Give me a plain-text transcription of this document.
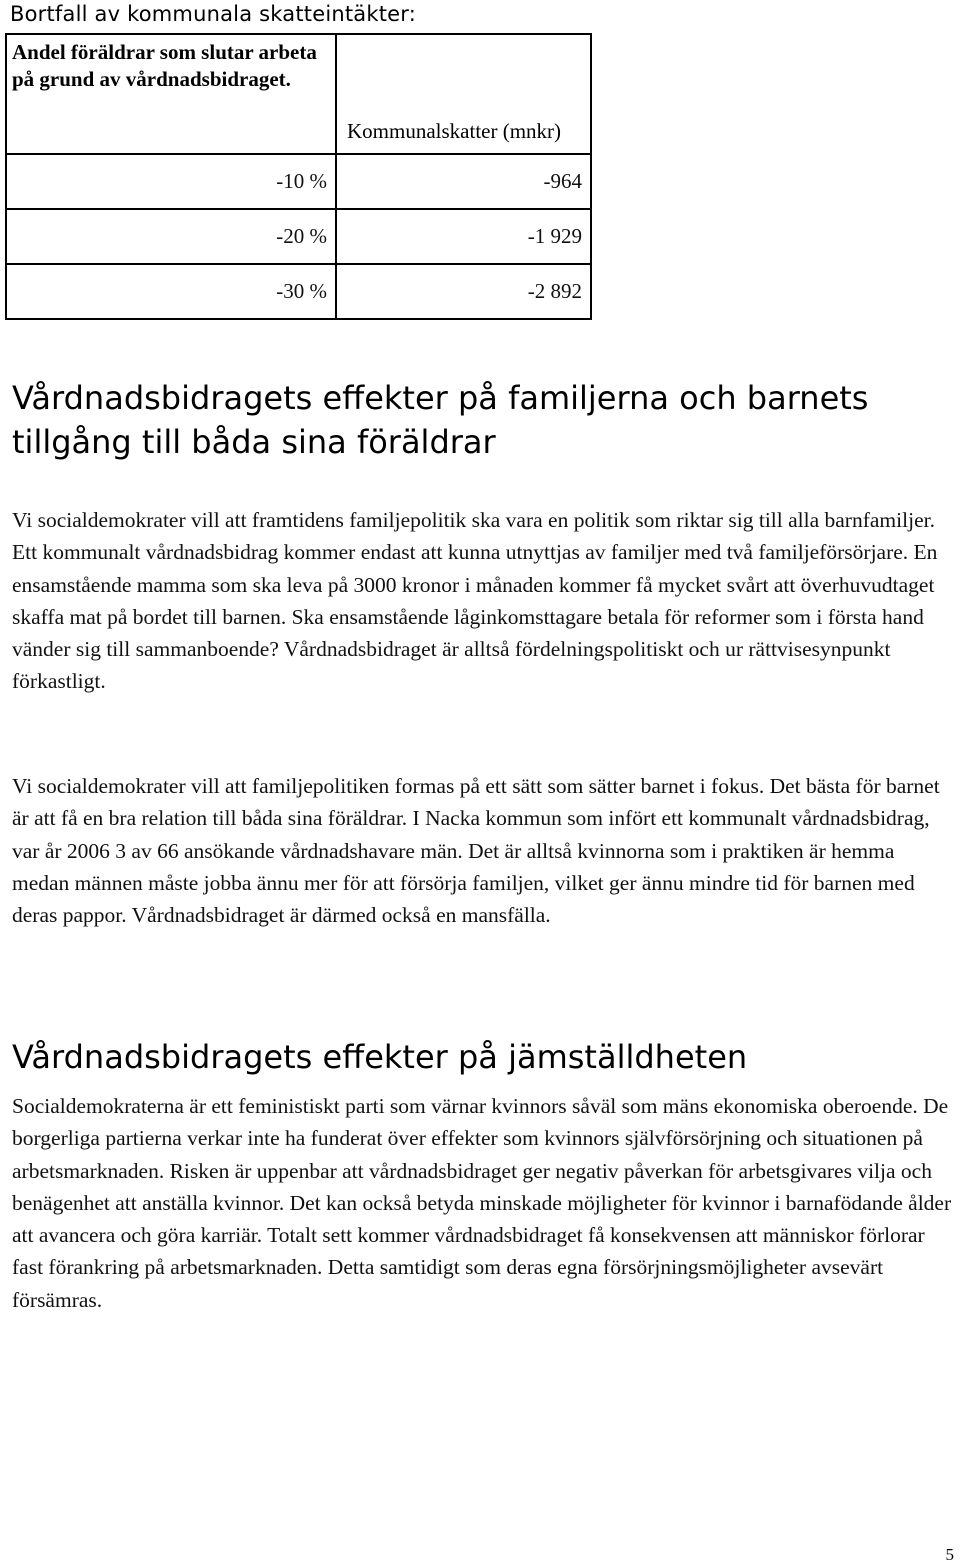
Bortfall av kommunala skatteintäkter:
Andel föräldrar som slutar arbeta på grund av vårdnadsbidraget.	Kommunalskatter (mnkr)
-10 %	-964
-20 %	-1 929
-30 %	-2 892
Vårdnadsbidragets effekter på familjerna och barnets tillgång till båda sina föräldrar

Vi socialdemokrater vill att framtidens familjepolitik ska vara en politik som riktar sig till alla barnfamiljer. Ett kommunalt vårdnadsbidrag kommer endast att kunna utnyttjas av familjer med två familjeförsörjare. En ensamstående mamma som ska leva på 3000 kronor i månaden kommer få mycket svårt att överhuvudtaget skaffa mat på bordet till barnen. Ska ensamstående låginkomsttagare betala för reformer som i första hand vänder sig till sammanboende? Vårdnadsbidraget är alltså fördelningspolitiskt och ur rättvisesynpunkt förkastligt.

Vi socialdemokrater vill att familjepolitiken formas på ett sätt som sätter barnet i fokus. Det bästa för barnet är att få en bra relation till båda sina föräldrar. I Nacka kommun som infört ett kommunalt vårdnadsbidrag, var år 2006 3 av 66 ansökande vårdnadshavare män. Det är alltså kvinnorna som i praktiken är hemma medan männen måste jobba ännu mer för att försörja familjen, vilket ger ännu mindre tid för barnen med deras pappor. Vårdnadsbidraget är därmed också en mansfälla.

Vårdnadsbidragets effekter på jämställdheten

Socialdemokraterna är ett feministiskt parti som värnar kvinnors såväl som mäns ekonomiska oberoende. De borgerliga partierna verkar inte ha funderat över effekter som kvinnors självförsörjning och situationen på arbetsmarknaden. Risken är uppenbar att vårdnadsbidraget ger negativ påverkan för arbetsgivares vilja och benägenhet att anställa kvinnor. Det kan också betyda minskade möjligheter för kvinnor i barnafödande ålder att avancera och göra karriär. Totalt sett kommer vårdnadsbidraget få konsekvensen att människor förlorar fast förankring på arbetsmarknaden. Detta samtidigt som deras egna försörjningsmöjligheter avsevärt försämras.

5
